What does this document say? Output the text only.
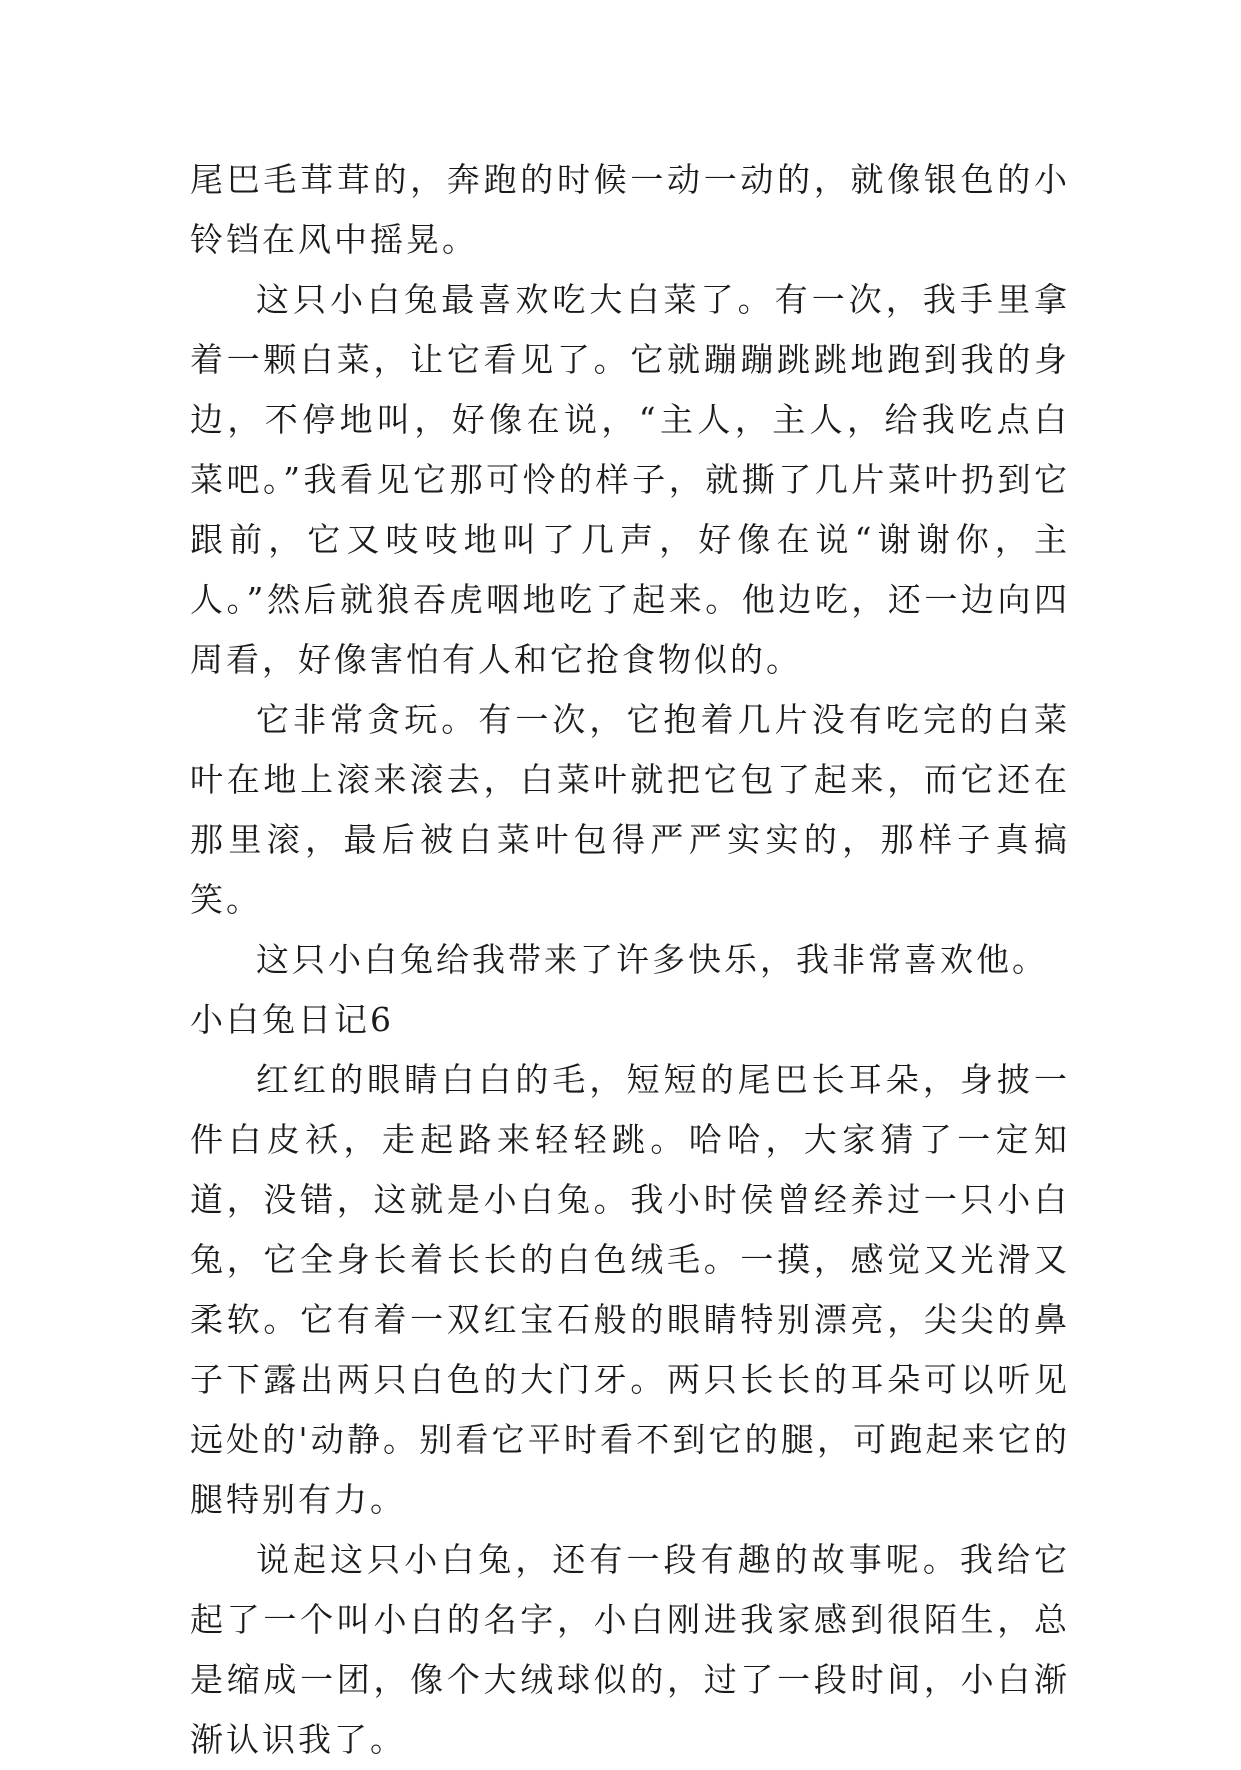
尾巴毛茸茸的，奔跑的时候一动一动的，就像银色的小铃铛在风中摇晃。

这只小白兔最喜欢吃大白菜了。有一次，我手里拿着一颗白菜，让它看见了。它就蹦蹦跳跳地跑到我的身边，不停地叫，好像在说，“主人，主人，给我吃点白菜吧。”我看见它那可怜的样子，就撕了几片菜叶扔到它跟前，它又吱吱地叫了几声，好像在说“谢谢你，主人。”然后就狼吞虎咽地吃了起来。他边吃，还一边向四周看，好像害怕有人和它抢食物似的。

它非常贪玩。有一次，它抱着几片没有吃完的白菜叶在地上滚来滚去，白菜叶就把它包了起来，而它还在那里滚，最后被白菜叶包得严严实实的，那样子真搞笑。

这只小白兔给我带来了许多快乐，我非常喜欢他。

小白兔日记6

红红的眼睛白白的毛，短短的尾巴长耳朵，身披一件白皮袄，走起路来轻轻跳。哈哈，大家猜了一定知道，没错，这就是小白兔。我小时侯曾经养过一只小白兔，它全身长着长长的白色绒毛。一摸，感觉又光滑又柔软。它有着一双红宝石般的眼睛特别漂亮，尖尖的鼻子下露出两只白色的大门牙。两只长长的耳朵可以听见远处的'动静。别看它平时看不到它的腿，可跑起来它的腿特别有力。

说起这只小白兔，还有一段有趣的故事呢。我给它起了一个叫小白的名字，小白刚进我家感到很陌生，总是缩成一团，像个大绒球似的，过了一段时间，小白渐渐认识我了。
